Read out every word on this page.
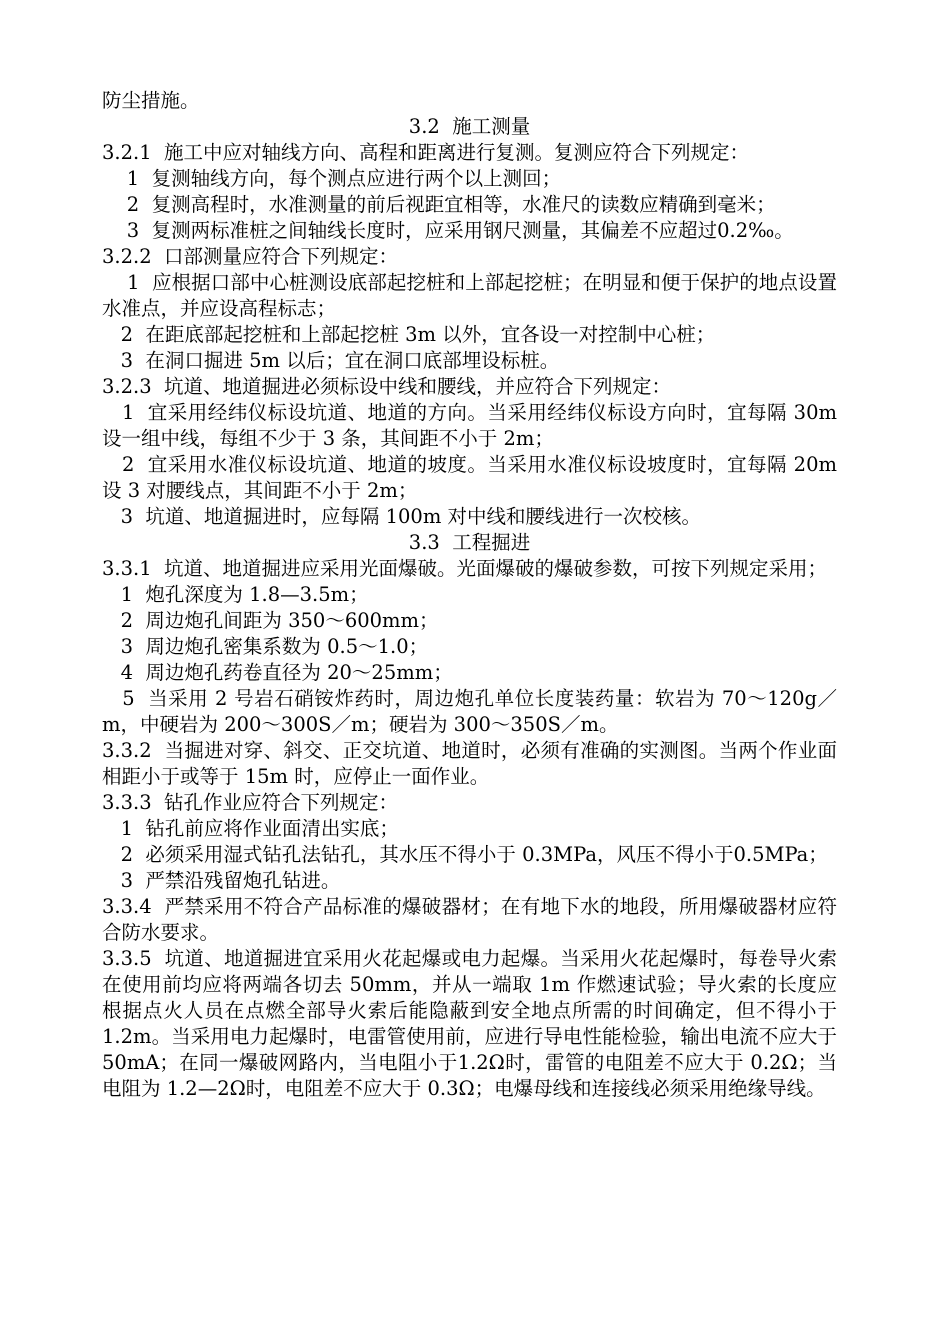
防尘措施。

3.2  施工测量

3.2.1  施工中应对轴线方向、高程和距离进行复测。复测应符合下列规定：

1  复测轴线方向，每个测点应进行两个以上测回；

2  复测高程时，水准测量的前后视距宜相等，水准尺的读数应精确到毫米；

3  复测两标准桩之间轴线长度时，应采用钢尺测量，其偏差不应超过0.2‰。

3.2.2  口部测量应符合下列规定：

1  应根据口部中心桩测设底部起挖桩和上部起挖桩；在明显和便于保护的地点设置水准点，并应设高程标志；

2  在距底部起挖桩和上部起挖桩 3m 以外，宜各设一对控制中心桩；

3  在洞口掘进 5m 以后；宜在洞口底部埋设标桩。

3.2.3  坑道、地道掘进必须标设中线和腰线，并应符合下列规定：

1  宜采用经纬仪标设坑道、地道的方向。当采用经纬仪标设方向时，宜每隔 30m 设一组中线，每组不少于 3 条，其间距不小于 2m；

2  宜采用水准仪标设坑道、地道的坡度。当采用水准仪标设坡度时，宜每隔 20m 设 3 对腰线点，其间距不小于 2m；

3  坑道、地道掘进时，应每隔 100m 对中线和腰线进行一次校核。

3.3  工程掘进

3.3.1  坑道、地道掘进应采用光面爆破。光面爆破的爆破参数，可按下列规定采用；

1  炮孔深度为 1.8—3.5m；

2  周边炮孔间距为 350～600mm；

3  周边炮孔密集系数为 0.5～1.0；

4  周边炮孔药卷直径为 20～25mm；

5  当采用 2 号岩石硝铵炸药时，周边炮孔单位长度装药量：软岩为 70～120g／m，中硬岩为 200～300S／m；硬岩为 300～350S／m。

3.3.2  当掘进对穿、斜交、正交坑道、地道时，必须有准确的实测图。当两个作业面相距小于或等于 15m 时，应停止一面作业。

3.3.3  钻孔作业应符合下列规定：

1  钻孔前应将作业面清出实底；

2  必须采用湿式钻孔法钻孔，其水压不得小于 0.3MPa，风压不得小于0.5MPa；

3  严禁沿残留炮孔钻进。

3.3.4  严禁采用不符合产品标准的爆破器材；在有地下水的地段，所用爆破器材应符合防水要求。

3.3.5  坑道、地道掘进宜采用火花起爆或电力起爆。当采用火花起爆时，每卷导火索在使用前均应将两端各切去 50mm，并从一端取 1m 作燃速试验；导火索的长度应根据点火人员在点燃全部导火索后能隐蔽到安全地点所需的时间确定，但不得小于 1.2m。当采用电力起爆时，电雷管使用前，应进行导电性能检验，输出电流不应大于 50mA；在同一爆破网路内，当电阻小于1.2Ω时，雷管的电阻差不应大于 0.2Ω；当电阻为 1.2—2Ω时，电阻差不应大于 0.3Ω；电爆母线和连接线必须采用绝缘导线。
